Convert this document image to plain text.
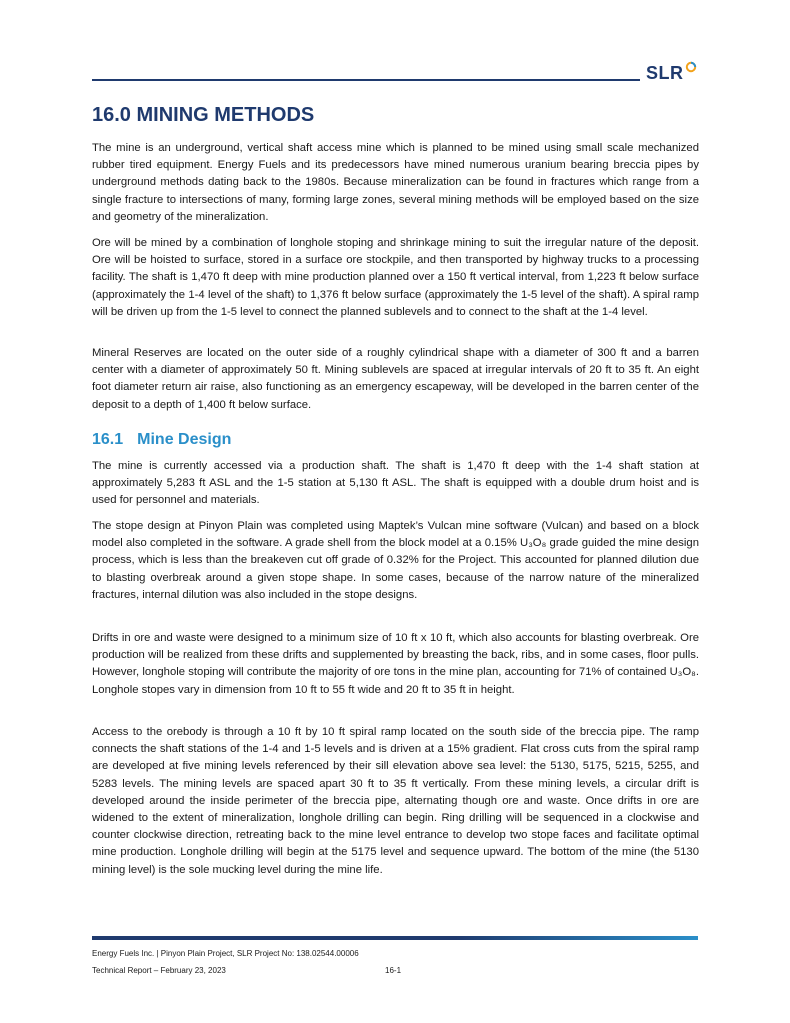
SLR
16.0 MINING METHODS

The mine is an underground, vertical shaft access mine which is planned to be mined using small scale mechanized rubber tired equipment. Energy Fuels and its predecessors have mined numerous uranium bearing breccia pipes by underground methods dating back to the 1980s. Because mineralization can be found in fractures which range from a single fracture to intersections of many, forming large zones, several mining methods will be employed based on the size and geometry of the mineralization.

Ore will be mined by a combination of longhole stoping and shrinkage mining to suit the irregular nature of the deposit. Ore will be hoisted to surface, stored in a surface ore stockpile, and then transported by highway trucks to a processing facility. The shaft is 1,470 ft deep with mine production planned over a 150 ft vertical interval, from 1,223 ft below surface (approximately the 1-4 level of the shaft) to 1,376 ft below surface (approximately the 1-5 level of the shaft). A spiral ramp will be driven up from the 1-5 level to connect the planned sublevels and to connect to the shaft at the 1-4 level.

Mineral Reserves are located on the outer side of a roughly cylindrical shape with a diameter of 300 ft and a barren center with a diameter of approximately 50 ft. Mining sublevels are spaced at irregular intervals of 20 ft to 35 ft. An eight foot diameter return air raise, also functioning as an emergency escapeway, will be developed in the barren center of the deposit to a depth of 1,400 ft below surface.

16.1 Mine Design

The mine is currently accessed via a production shaft. The shaft is 1,470 ft deep with the 1-4 shaft station at approximately 5,283 ft ASL and the 1-5 station at 5,130 ft ASL. The shaft is equipped with a double drum hoist and is used for personnel and materials.

The stope design at Pinyon Plain was completed using Maptek’s Vulcan mine software (Vulcan) and based on a block model also completed in the software. A grade shell from the block model at a 0.15% U₃O₈ grade guided the mine design process, which is less than the breakeven cut off grade of 0.32% for the Project. This accounted for planned dilution due to blasting overbreak around a given stope shape. In some cases, because of the narrow nature of the mineralized fractures, internal dilution was also included in the stope designs.

Drifts in ore and waste were designed to a minimum size of 10 ft x 10 ft, which also accounts for blasting overbreak. Ore production will be realized from these drifts and supplemented by breasting the back, ribs, and in some cases, floor pulls. However, longhole stoping will contribute the majority of ore tons in the mine plan, accounting for 71% of contained U₃O₈. Longhole stopes vary in dimension from 10 ft to 55 ft wide and 20 ft to 35 ft in height.

Access to the orebody is through a 10 ft by 10 ft spiral ramp located on the south side of the breccia pipe. The ramp connects the shaft stations of the 1-4 and 1-5 levels and is driven at a 15% gradient. Flat cross cuts from the spiral ramp are developed at five mining levels referenced by their sill elevation above sea level: the 5130, 5175, 5215, 5255, and 5283 levels. The mining levels are spaced apart 30 ft to 35 ft vertically. From these mining levels, a circular drift is developed around the inside perimeter of the breccia pipe, alternating though ore and waste. Once drifts in ore are widened to the extent of mineralization, longhole drilling can begin. Ring drilling will be sequenced in a clockwise and counter clockwise direction, retreating back to the mine level entrance to develop two stope faces and facilitate optimal mine production. Longhole drilling will begin at the 5175 level and sequence upward. The bottom of the mine (the 5130 mining level) is the sole mucking level during the mine life.

Energy Fuels Inc. | Pinyon Plain Project, SLR Project No: 138.02544.00006
Technical Report – February 23, 2023	16-1
